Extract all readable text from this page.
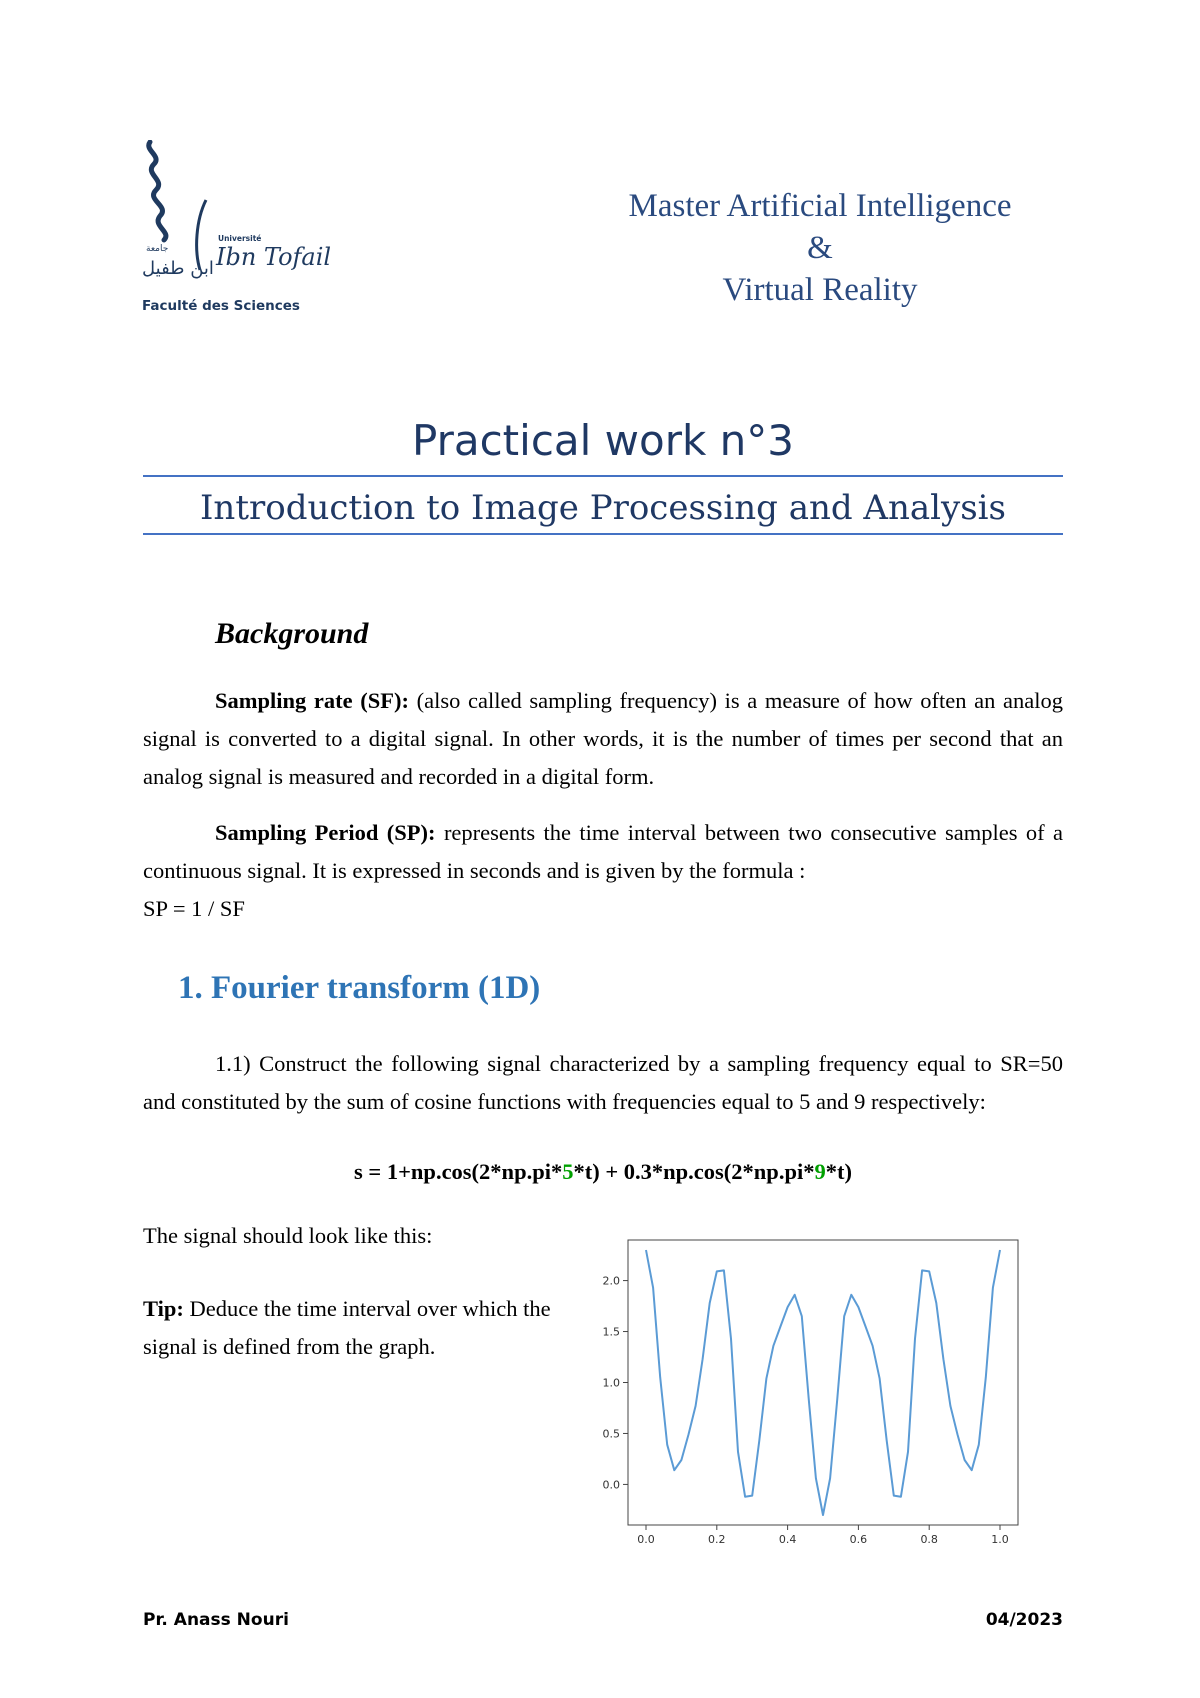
جامعة
Université
ابن طفيل Ibn Tofail
Faculté des Sciences
Master Artificial Intelligence
&
Virtual Reality
Practical work n°3
Introduction to Image Processing and Analysis
Background
Sampling rate (SF): (also called sampling frequency) is a measure of how often an analog signal is converted to a digital signal. In other words, it is the number of times per second that an analog signal is measured and recorded in a digital form.
Sampling Period (SP): represents the time interval between two consecutive samples of a continuous signal. It is expressed in seconds and is given by the formula :
SP = 1 / SF
1. Fourier transform (1D)
1.1) Construct the following signal characterized by a sampling frequency equal to SR=50 and constituted by the sum of cosine functions with frequencies equal to 5 and 9 respectively:
s = 1+np.cos(2*np.pi*5*t) + 0.3*np.cos(2*np.pi*9*t)
The signal should look like this:
Tip: Deduce the time interval over which the signal is defined from the graph.
0.0	0.2	0.4	0.6	0.8	1.0
0.0
0.5
1.0
1.5
2.0
Pr. Anass Nouri	04/2023
